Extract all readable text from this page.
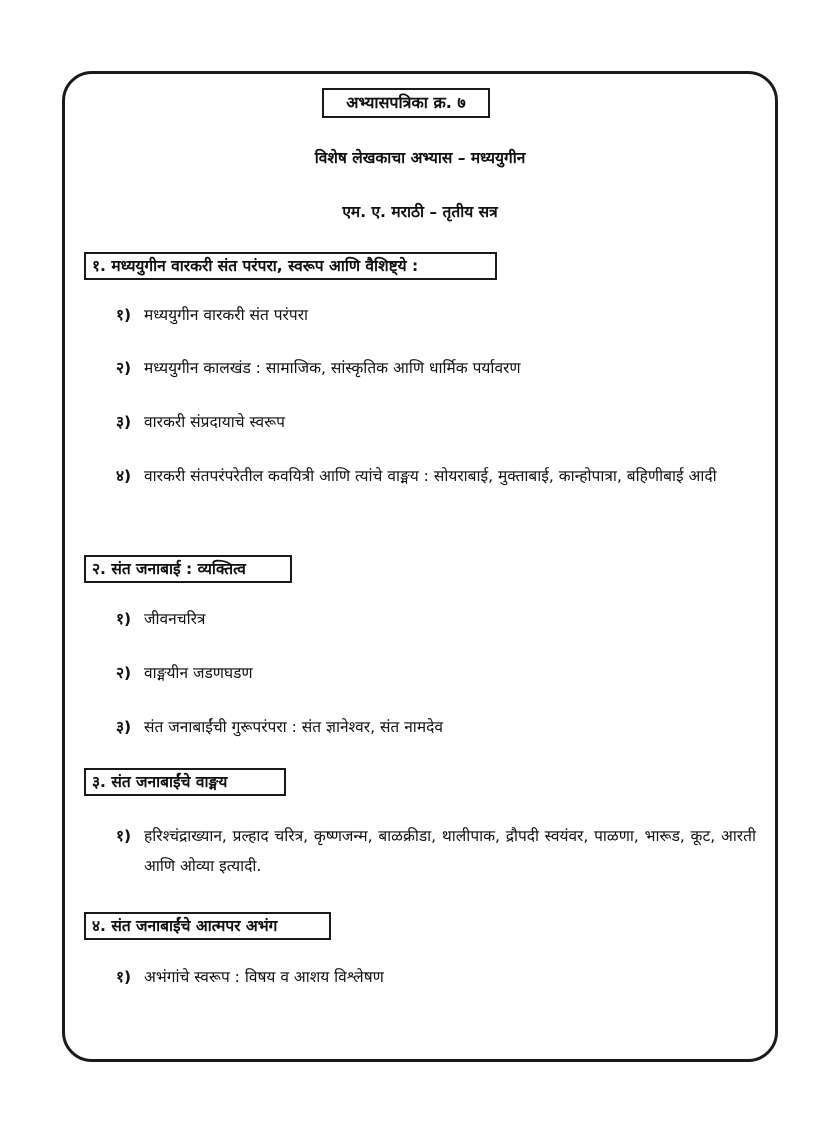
अभ्यासपत्रिका क्र. ७
विशेष लेखकाचा अभ्यास – मध्ययुगीन
एम. ए. मराठी – तृतीय सत्र
१. मध्ययुगीन वारकरी संत परंपरा, स्वरूप आणि वैशिष्ट्ये :
१) मध्ययुगीन वारकरी संत परंपरा
२) मध्ययुगीन कालखंड : सामाजिक, सांस्कृतिक आणि धार्मिक पर्यावरण
३) वारकरी संप्रदायाचे स्वरूप
४) वारकरी संतपरंपरेतील कवयित्री आणि त्यांचे वाङ्मय : सोयराबाई, मुक्ताबाई, कान्होपात्रा, बहिणीबाई आदी
२. संत जनाबाई : व्यक्तित्व
१) जीवनचरित्र
२) वाङ्मयीन जडणघडण
३) संत जनाबाईंची गुरूपरंपरा : संत ज्ञानेश्वर, संत नामदेव
३. संत जनाबाईंचे वाङ्मय
१) हरिश्चंद्राख्यान, प्रल्हाद चरित्र, कृष्णजन्म, बाळक्रीडा, थालीपाक, द्रौपदी स्वयंवर, पाळणा, भारूड, कूट, आरती आणि ओव्या इत्यादी.
४. संत जनाबाईंचे आत्मपर अभंग
१) अभंगांचे स्वरूप : विषय व आशय विश्लेषण
